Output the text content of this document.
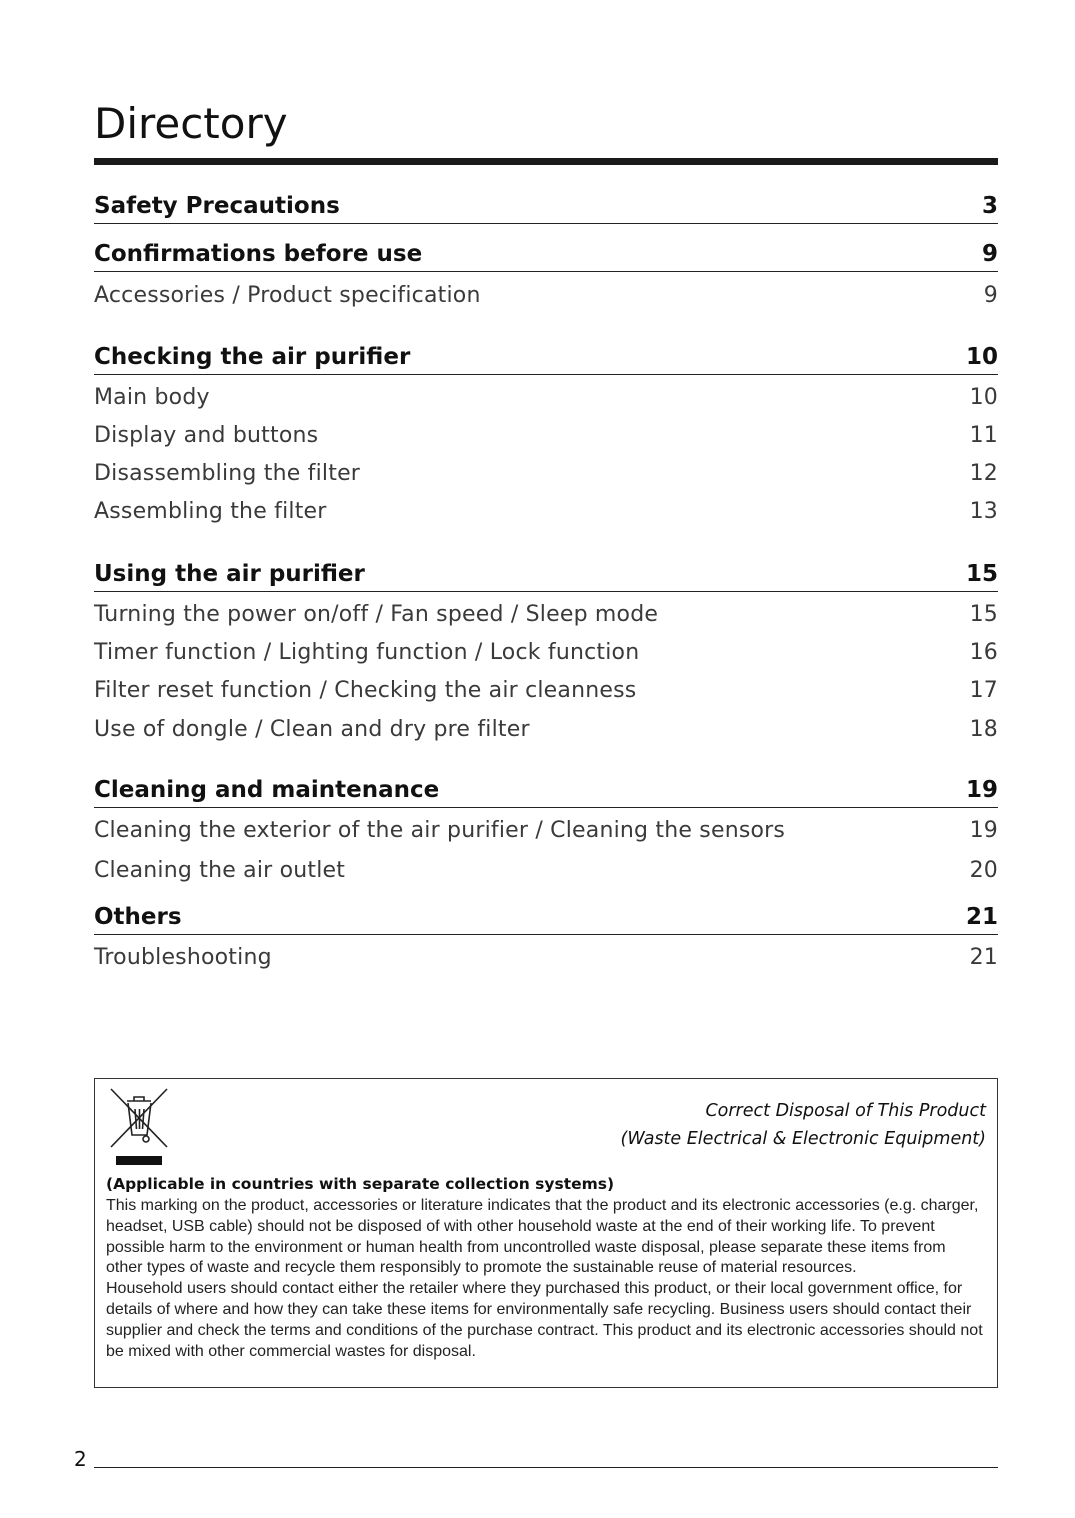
Directory
Safety Precautions	3
Confirmations before use	9
Accessories / Product specification	9
Checking the air purifier	10
Main body	10
Display and buttons	11
Disassembling the filter	12
Assembling the filter	13
Using the air purifier	15
Turning the power on/off / Fan speed / Sleep mode	15
Timer function / Lighting function / Lock function	16
Filter reset function / Checking the air cleanness	17
Use of dongle / Clean and dry pre filter	18
Cleaning and maintenance	19
Cleaning the exterior of the air purifier / Cleaning the sensors	19
Cleaning the air outlet	20
Others	21
Troubleshooting	21
Correct Disposal of This Product
(Waste Electrical & Electronic Equipment)
(Applicable in countries with separate collection systems)

This marking on the product, accessories or literature indicates that the product and its electronic accessories (e.g. charger, headset, USB cable) should not be disposed of with other household waste at the end of their working life. To prevent possible harm to the environment or human health from uncontrolled waste disposal, please separate these items from other types of waste and recycle them responsibly to promote the sustainable reuse of material resources.

Household users should contact either the retailer where they purchased this product, or their local government office, for details of where and how they can take these items for environmentally safe recycling. Business users should contact their supplier and check the terms and conditions of the purchase contract. This product and its electronic accessories should not be mixed with other commercial wastes for disposal.

2
